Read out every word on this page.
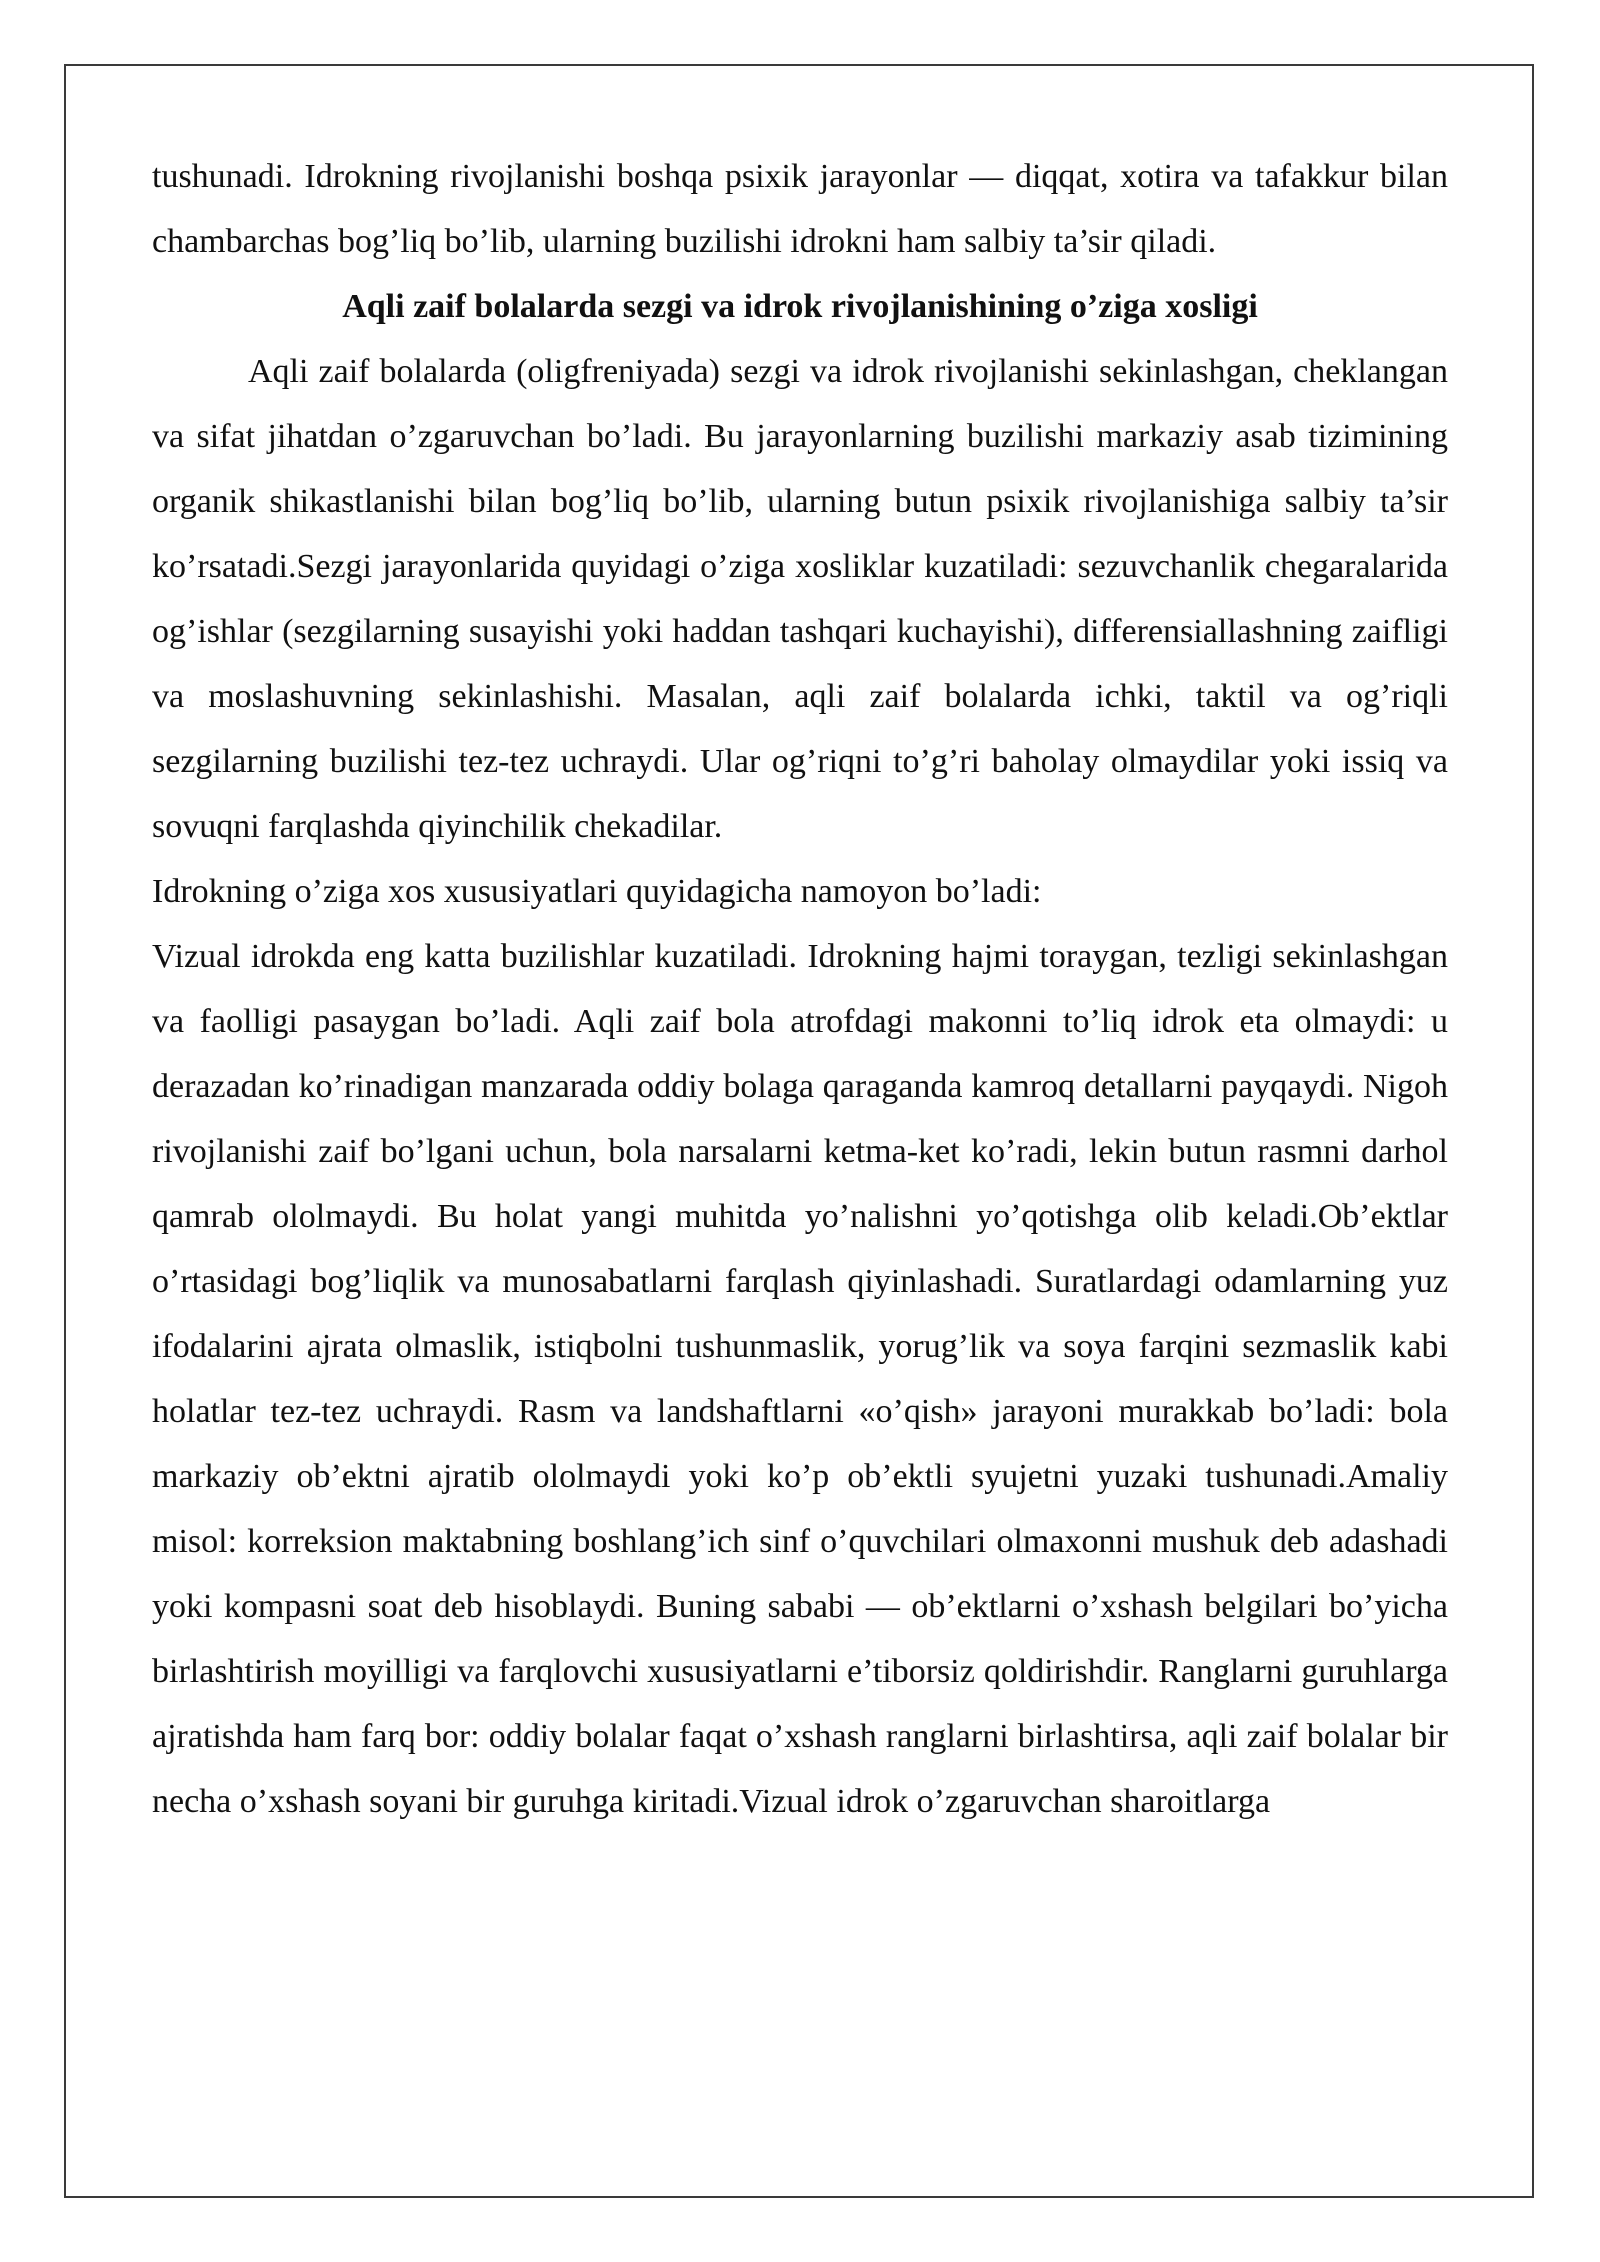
tushunadi. Idrokning rivojlanishi boshqa psixik jarayonlar — diqqat, xotira va tafakkur bilan chambarchas bog’liq bo’lib, ularning buzilishi idrokni ham salbiy ta’sir qiladi.

Aqli zaif bolalarda sezgi va idrok rivojlanishining o’ziga xosligi

Aqli zaif bolalarda (oligfreniyada) sezgi va idrok rivojlanishi sekinlashgan, cheklangan va sifat jihatdan o’zgaruvchan bo’ladi. Bu jarayonlarning buzilishi markaziy asab tizimining organik shikastlanishi bilan bog’liq bo’lib, ularning butun psixik rivojlanishiga salbiy ta’sir ko’rsatadi.Sezgi jarayonlarida quyidagi o’ziga xosliklar kuzatiladi: sezuvchanlik chegaralarida og’ishlar (sezgilarning susayishi yoki haddan tashqari kuchayishi), differensiallashning zaifligi va moslashuvning sekinlashishi. Masalan, aqli zaif bolalarda ichki, taktil va og’riqli sezgilarning buzilishi tez-tez uchraydi. Ular og’riqni to’g’ri baholay olmaydilar yoki issiq va sovuqni farqlashda qiyinchilik chekadilar.

Idrokning o’ziga xos xususiyatlari quyidagicha namoyon bo’ladi:

Vizual idrokda eng katta buzilishlar kuzatiladi. Idrokning hajmi toraygan, tezligi sekinlashgan va faolligi pasaygan bo’ladi. Aqli zaif bola atrofdagi makonni to’liq idrok eta olmaydi: u derazadan ko’rinadigan manzarada oddiy bolaga qaraganda kamroq detallarni payqaydi. Nigoh rivojlanishi zaif bo’lgani uchun, bola narsalarni ketma-ket ko’radi, lekin butun rasmni darhol qamrab ololmaydi. Bu holat yangi muhitda yo’nalishni yo’qotishga olib keladi.Ob’ektlar o’rtasidagi bog’liqlik va munosabatlarni farqlash qiyinlashadi. Suratlardagi odamlarning yuz ifodalarini ajrata olmaslik, istiqbolni tushunmaslik, yorug’lik va soya farqini sezmaslik kabi holatlar tez-tez uchraydi. Rasm va landshaftlarni «o’qish» jarayoni murakkab bo’ladi: bola markaziy ob’ektni ajratib ololmaydi yoki ko’p ob’ektli syujetni yuzaki tushunadi.Amaliy misol: korreksion maktabning boshlang’ich sinf o’quvchilari olmaxonni mushuk deb adashadi yoki kompasni soat deb hisoblaydi. Buning sababi — ob’ektlarni o’xshash belgilari bo’yicha birlashtirish moyilligi va farqlovchi xususiyatlarni e’tiborsiz qoldirishdir. Ranglarni guruhlarga ajratishda ham farq bor: oddiy bolalar faqat o’xshash ranglarni birlashtirsa, aqli zaif bolalar bir necha o’xshash soyani bir guruhga kiritadi.Vizual idrok o’zgaruvchan sharoitlarga
